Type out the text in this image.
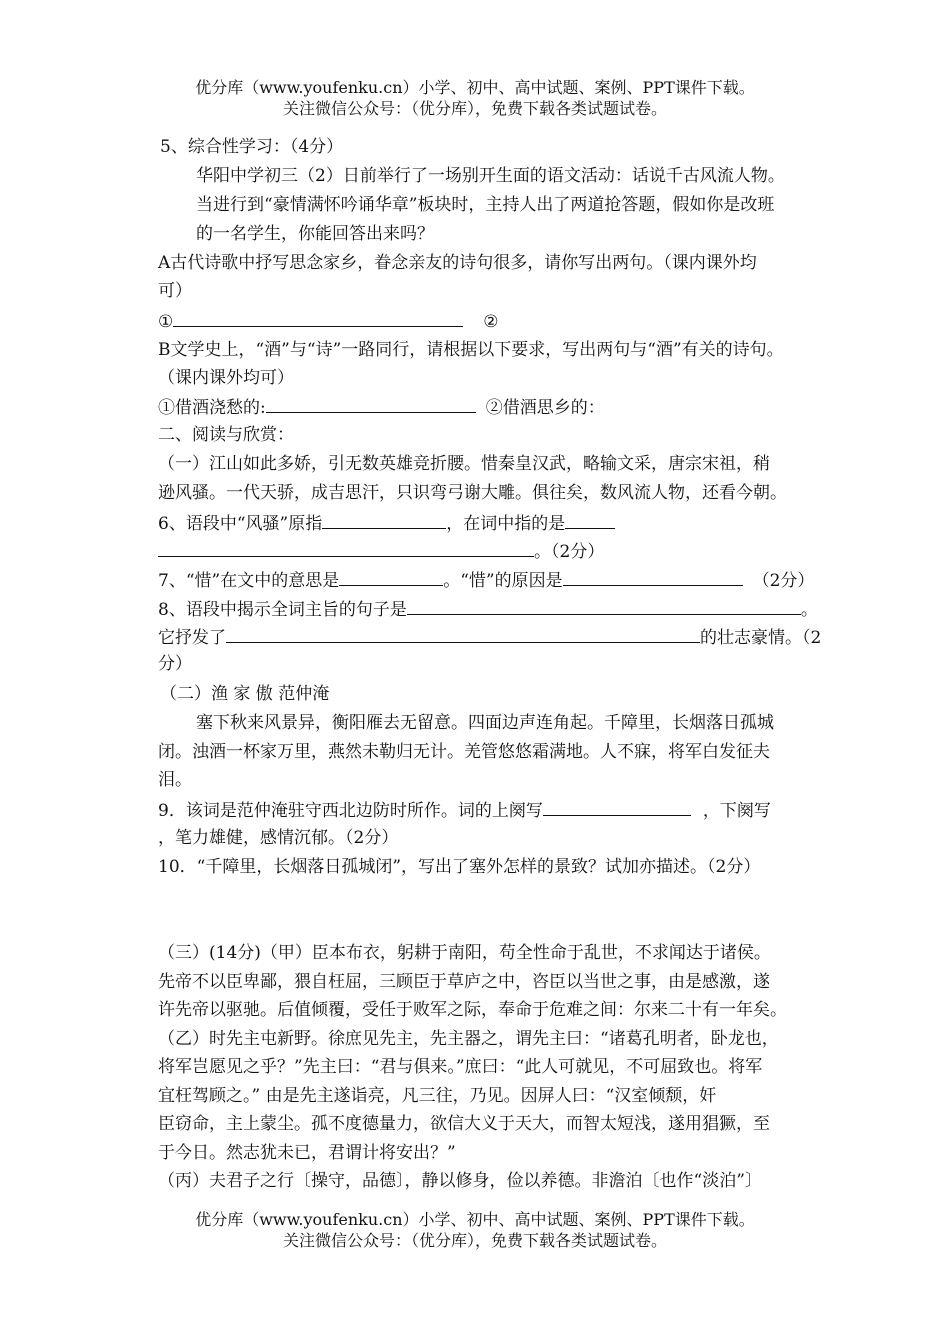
优分库（www.youfenku.cn）小学、初中、高中试题、案例、PPT课件下载。
关注微信公众号：（优分库），免费下载各类试题试卷。
5、综合性学习：（4分）
华阳中学初三（2）日前举行了一场别开生面的语文活动：话说千古风流人物。
当进行到“豪情满怀吟诵华章”板块时，主持人出了两道抢答题，假如你是改班
的一名学生，你能回答出来吗？
A古代诗歌中抒写思念家乡，眷念亲友的诗句很多，请你写出两句。（课内课外均
可）
①	②
B文学史上，“酒”与“诗”一路同行，请根据以下要求，写出两句与“酒”有关的诗句。
（课内课外均可）
①借酒浇愁的:	②借酒思乡的：
二、阅读与欣赏：
（一）江山如此多娇，引无数英雄竞折腰。惜秦皇汉武，略输文采，唐宗宋祖，稍
逊风骚。一代天骄，成吉思汗，只识弯弓谢大雕。俱往矣，数风流人物，还看今朝。
6、语段中“风骚”原指	，在词中指的是
。（2分）
7、“惜”在文中的意思是	。“惜”的原因是	（2分）
8、语段中揭示全词主旨的句子是	。
它抒发了	的壮志豪情。（2
分）
（二）渔 家 傲 范仲淹
塞下秋来风景异，衡阳雁去无留意。四面边声连角起。千障里，长烟落日孤城
闭。浊酒一杯家万里，燕然未勒归无计。羌管悠悠霜满地。人不寐，将军白发征夫
泪。
9．该词是范仲淹驻守西北边防时所作。词的上阕写	，下阕写
，笔力雄健，感情沉郁。（2分）
10．“千障里，长烟落日孤城闭”，写出了塞外怎样的景致？试加亦描述。（2分）
（三）(14分)（甲）臣本布衣，躬耕于南阳，苟全性命于乱世，不求闻达于诸侯。
先帝不以臣卑鄙，猥自枉屈，三顾臣于草庐之中，咨臣以当世之事，由是感激，遂
许先帝以驱驰。后值倾覆，受任于败军之际，奉命于危难之间：尔来二十有一年矣。
（乙）时先主屯新野。徐庶见先主，先主器之，谓先主曰：“诸葛孔明者，卧龙也，
将军岂愿见之乎？”先主曰：“君与俱来。”庶曰：“此人可就见，不可屈致也。将军
宜枉驾顾之。” 由是先主遂诣亮，凡三往，乃见。因屏人曰：“汉室倾颓，奸
臣窃命，主上蒙尘。孤不度德量力，欲信大义于天大，而智太短浅，遂用猖獗，至
于今日。然志犹未已，君谓计将安出？”
（丙）夫君子之行〔操守，品德〕，静以修身，俭以养德。非澹泊〔也作“淡泊”〕
优分库（www.youfenku.cn）小学、初中、高中试题、案例、PPT课件下载。
关注微信公众号：（优分库），免费下载各类试题试卷。
